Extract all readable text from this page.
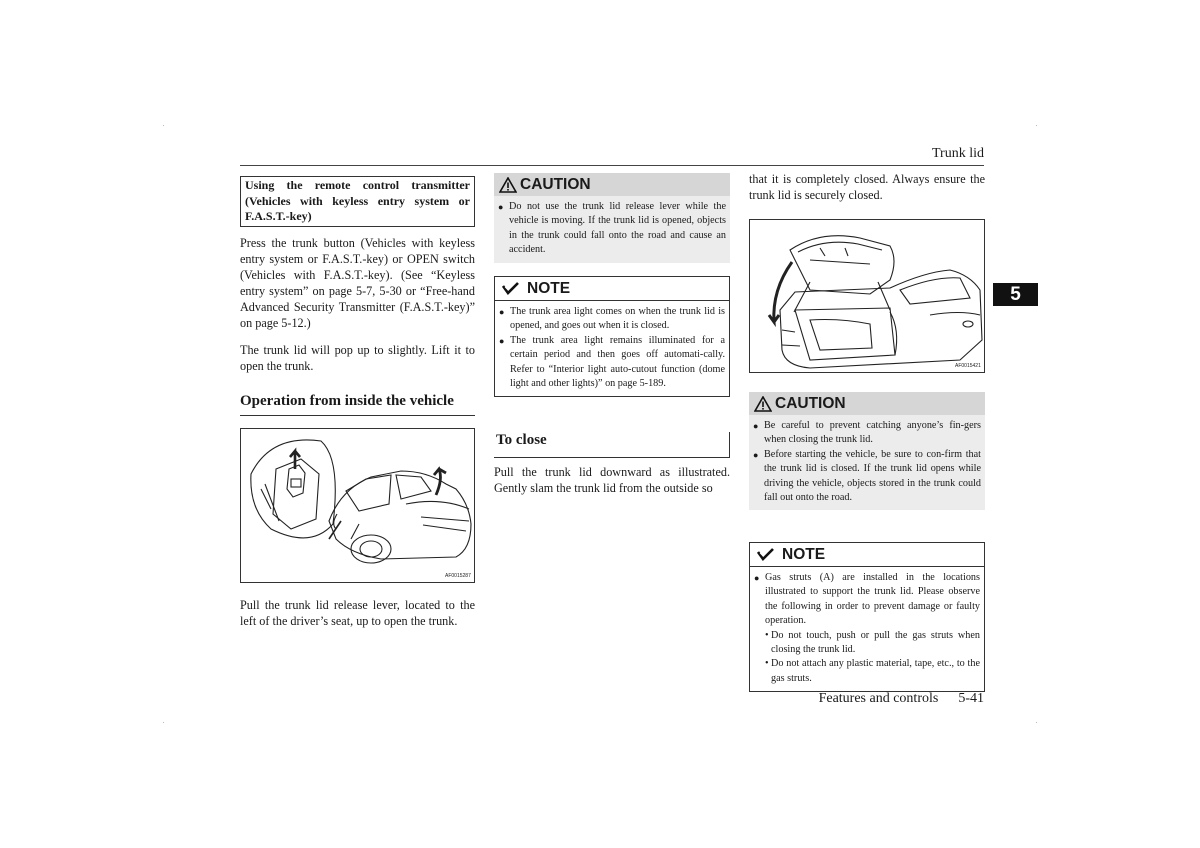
Trunk lid
5
Using the remote control transmitter (Vehicles with keyless entry system or F.A.S.T.-key)

Press the trunk button (Vehicles with keyless entry system or F.A.S.T.-key) or OPEN switch (Vehicles with F.A.S.T.-key). (See “Keyless entry system” on page 5-7, 5-30 or “Free-hand Advanced Security Transmitter (F.A.S.T.-key)” on page 5-12.)

The trunk lid will pop up to slightly. Lift it to open the trunk.

Operation from inside the vehicle
AF0015287

Pull the trunk lid release lever, located to the left of the driver’s seat, up to open the trunk.

CAUTION
● Do not use the trunk lid release lever while the vehicle is moving. If the trunk lid is opened, objects in the trunk could fall onto the road and cause an accident.
NOTE
● The trunk area light comes on when the trunk lid is opened, and goes out when it is closed.
● The trunk area light remains illuminated for a certain period and then goes off automati-cally. Refer to “Interior light auto-cutout function (dome light and other lights)” on page 5-189.
To close

Pull the trunk lid downward as illustrated. Gently slam the trunk lid from the outside so

that it is completely closed. Always ensure the trunk lid is securely closed.

AF0015421
CAUTION
● Be careful to prevent catching anyone’s fin-gers when closing the trunk lid.
● Before starting the vehicle, be sure to con-firm that the trunk lid is closed. If the trunk lid opens while driving the vehicle, objects stored in the trunk could fall out onto the road.
NOTE
● Gas struts (A) are installed in the locations illustrated to support the trunk lid. Please observe the following in order to prevent damage or faulty operation.
• Do not touch, push or pull the gas struts when closing the trunk lid.
• Do not attach any plastic material, tape, etc., to the gas struts.
Features and controls 5-41
